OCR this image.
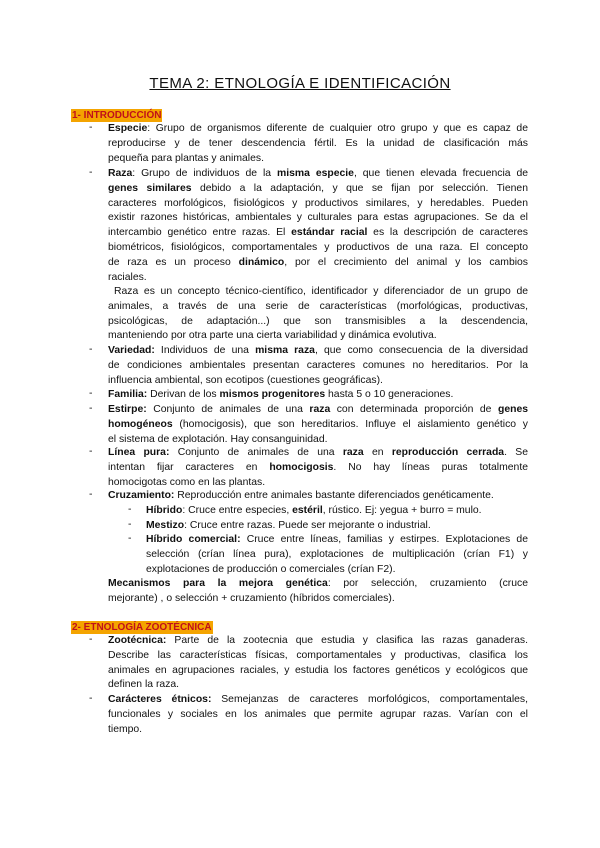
TEMA 2: ETNOLOGÍA E IDENTIFICACIÓN
1- INTRODUCCIÓN
- Especie: Grupo de organismos diferente de cualquier otro grupo y que es capaz de
reproducirse y de tener descendencia fértil. Es la unidad de clasificación más
pequeña para plantas y animales.
- Raza: Grupo de individuos de la misma especie, que tienen elevada frecuencia de
genes similares debido a la adaptación, y que se fijan por selección. Tienen
caracteres morfológicos, fisiológicos y productivos similares, y heredables. Pueden
existir razones históricas, ambientales y culturales para estas agrupaciones. Se da el
intercambio genético entre razas. El estándar racial es la descripción de caracteres
biométricos, fisiológicos, comportamentales y productivos de una raza. El concepto
de raza es un proceso dinámico, por el crecimiento del animal y los cambios
raciales.
Raza es un concepto técnico-científico, identificador y diferenciador de un grupo de
animales, a través de una serie de características (morfológicas, productivas,
psicológicas, de adaptación...) que son transmisibles a la descendencia,
manteniendo por otra parte una cierta variabilidad y dinámica evolutiva.
- Variedad: Individuos de una misma raza, que como consecuencia de la diversidad
de condiciones ambientales presentan caracteres comunes no hereditarios. Por la
influencia ambiental, son ecotipos (cuestiones geográficas).
- Familia: Derivan de los mismos progenitores hasta 5 o 10 generaciones.
- Estirpe: Conjunto de animales de una raza con determinada proporción de genes
homogéneos (homocigosis), que son hereditarios. Influye el aislamiento genético y
el sistema de explotación. Hay consanguinidad.
- Línea pura: Conjunto de animales de una raza en reproducción cerrada. Se
intentan fijar caracteres en homocigosis. No hay líneas puras totalmente
homocigotas como en las plantas.
- Cruzamiento: Reproducción entre animales bastante diferenciados genéticamente.
- Híbrido: Cruce entre especies, estéril, rústico. Ej: yegua + burro = mulo.
- Mestizo: Cruce entre razas. Puede ser mejorante o industrial.
- Híbrido comercial: Cruce entre líneas, familias y estirpes. Explotaciones de
selección (crían línea pura), explotaciones de multiplicación (crían F1) y
explotaciones de producción o comerciales (crían F2).
Mecanismos para la mejora genética: por selección, cruzamiento (cruce
mejorante) , o selección + cruzamiento (híbridos comerciales).
2- ETNOLOGÍA ZOOTÉCNICA
- Zootécnica: Parte de la zootecnia que estudia y clasifica las razas ganaderas.
Describe las características físicas, comportamentales y productivas, clasifica los
animales en agrupaciones raciales, y estudia los factores genéticos y ecológicos que
definen la raza.
- Carácteres étnicos: Semejanzas de caracteres morfológicos, comportamentales,
funcionales y sociales en los animales que permite agrupar razas. Varían con el
tiempo.
